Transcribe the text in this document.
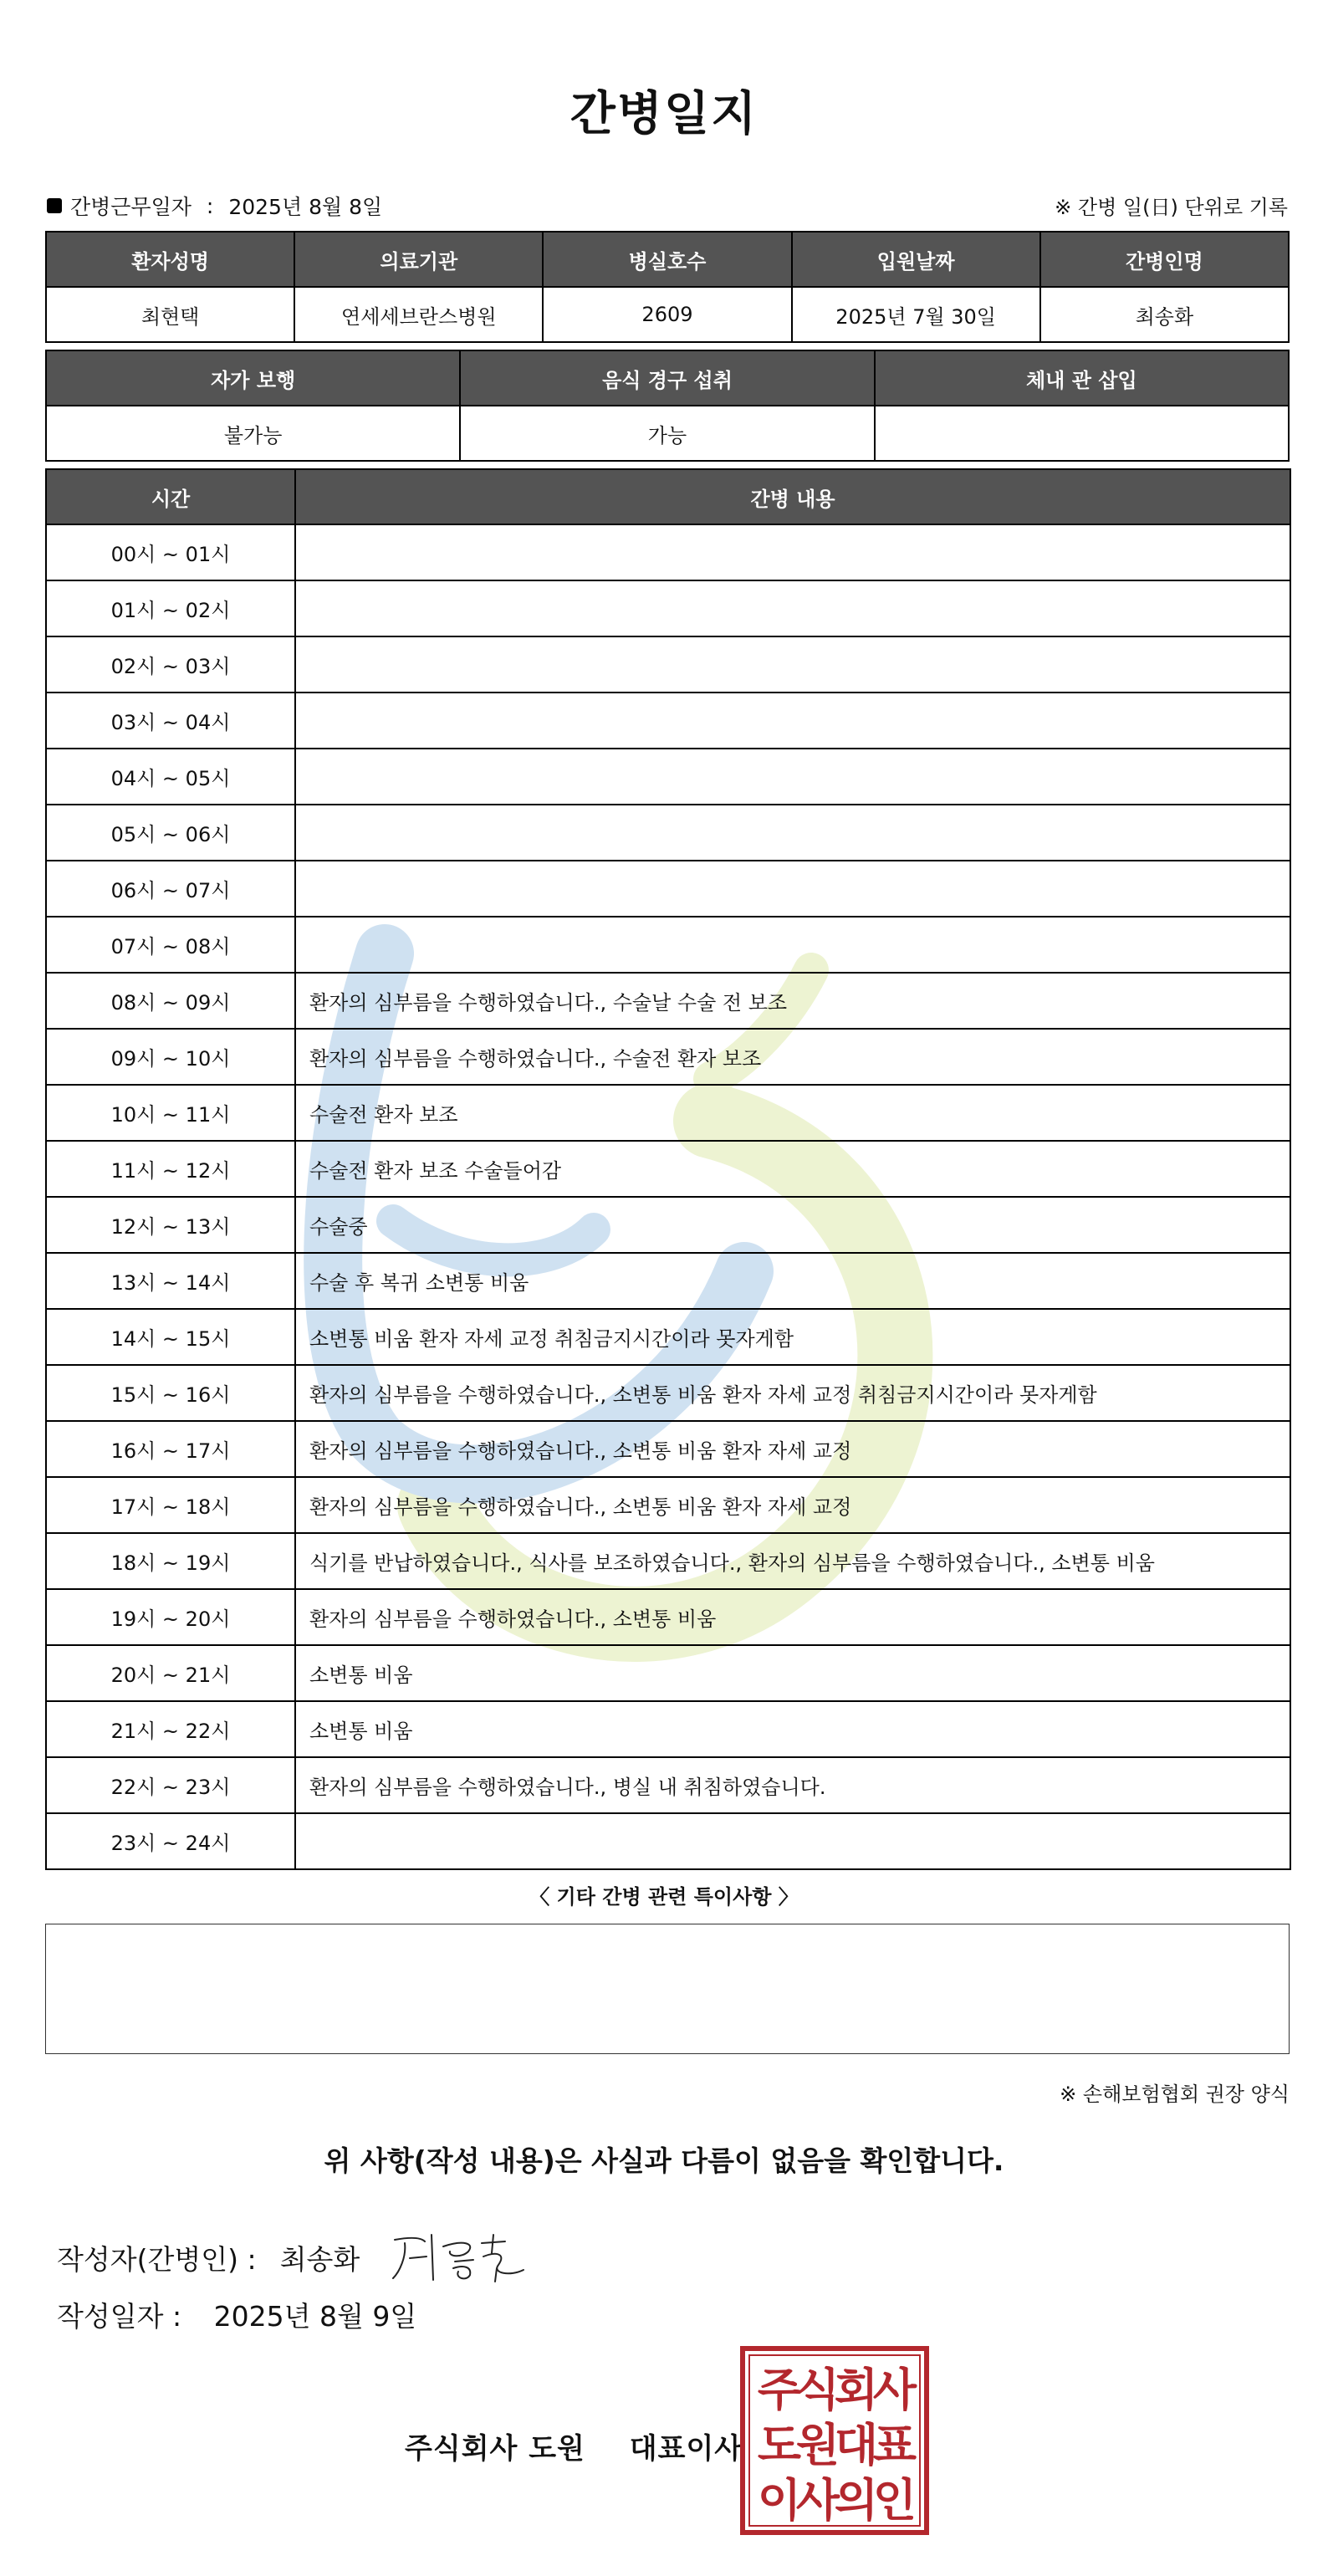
간병일지
간병근무일자 : 2025년 8월 8일	※ 간병 일(日) 단위로 기록
환자성명	의료기관	병실호수	입원날짜	간병인명
최현택	연세세브란스병원	2609	2025년 7월 30일	최송화
자가 보행	음식 경구 섭취	체내 관 삽입
불가능	가능	
시간	간병 내용
00시 ~ 01시	
01시 ~ 02시	
02시 ~ 03시	
03시 ~ 04시	
04시 ~ 05시	
05시 ~ 06시	
06시 ~ 07시	
07시 ~ 08시	
08시 ~ 09시	환자의 심부름을 수행하였습니다., 수술날 수술 전 보조
09시 ~ 10시	환자의 심부름을 수행하였습니다., 수술전 환자 보조
10시 ~ 11시	수술전 환자 보조
11시 ~ 12시	수술전 환자 보조 수술들어감
12시 ~ 13시	수술중
13시 ~ 14시	수술 후 복귀 소변통 비움
14시 ~ 15시	소변통 비움 환자 자세 교정 취침금지시간이라 못자게함
15시 ~ 16시	환자의 심부름을 수행하였습니다., 소변통 비움 환자 자세 교정 취침금지시간이라 못자게함
16시 ~ 17시	환자의 심부름을 수행하였습니다., 소변통 비움 환자 자세 교정
17시 ~ 18시	환자의 심부름을 수행하였습니다., 소변통 비움 환자 자세 교정
18시 ~ 19시	식기를 반납하였습니다., 식사를 보조하였습니다., 환자의 심부름을 수행하였습니다., 소변통 비움
19시 ~ 20시	환자의 심부름을 수행하였습니다., 소변통 비움
20시 ~ 21시	소변통 비움
21시 ~ 22시	소변통 비움
22시 ~ 23시	환자의 심부름을 수행하였습니다., 병실 내 취침하였습니다.
23시 ~ 24시	
〈 기타 간병 관련 특이사항 〉
※ 손해보험협회 권장 양식
위 사항(작성 내용)은 사실과 다름이 없음을 확인합니다.
작성자(간병인) : 최송화
작성일자 : 2025년 8월 9일
주식회사 도원 대표이사
주
식
회
사
도
원
대
표
이
사
의
인
